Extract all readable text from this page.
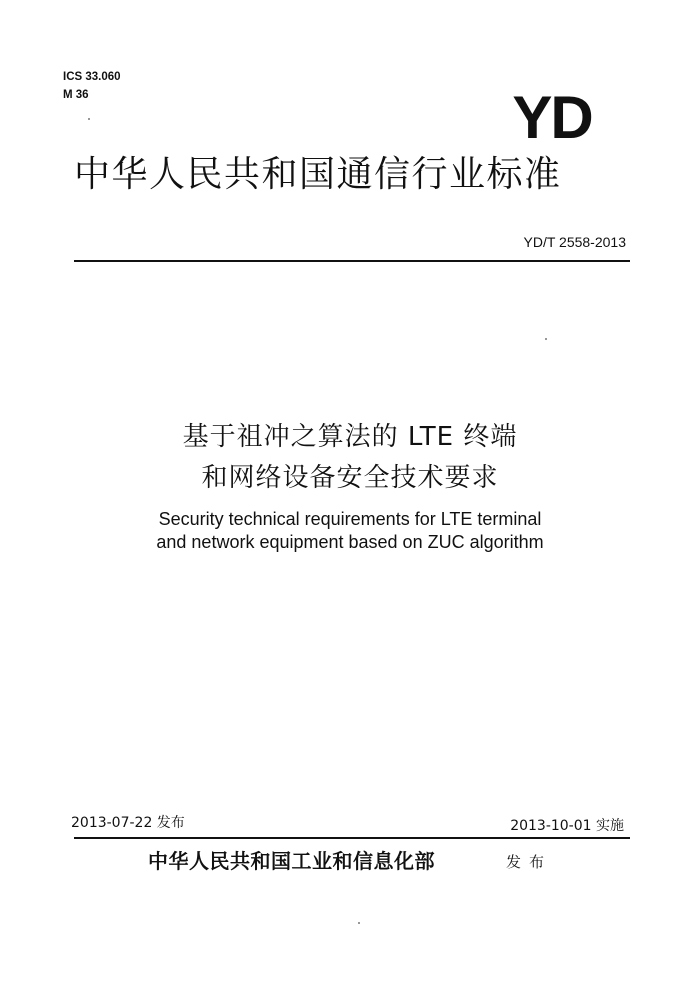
ICS 33.060
M 36	YD
中华人民共和国通信行业标准
YD/T 2558-2013
基于祖冲之算法的 LTE 终端
和网络设备安全技术要求
Security technical requirements for LTE terminal
and network equipment based on ZUC algorithm
2013-07-22 发布	2013-10-01 实施
中华人民共和国工业和信息化部	发布
